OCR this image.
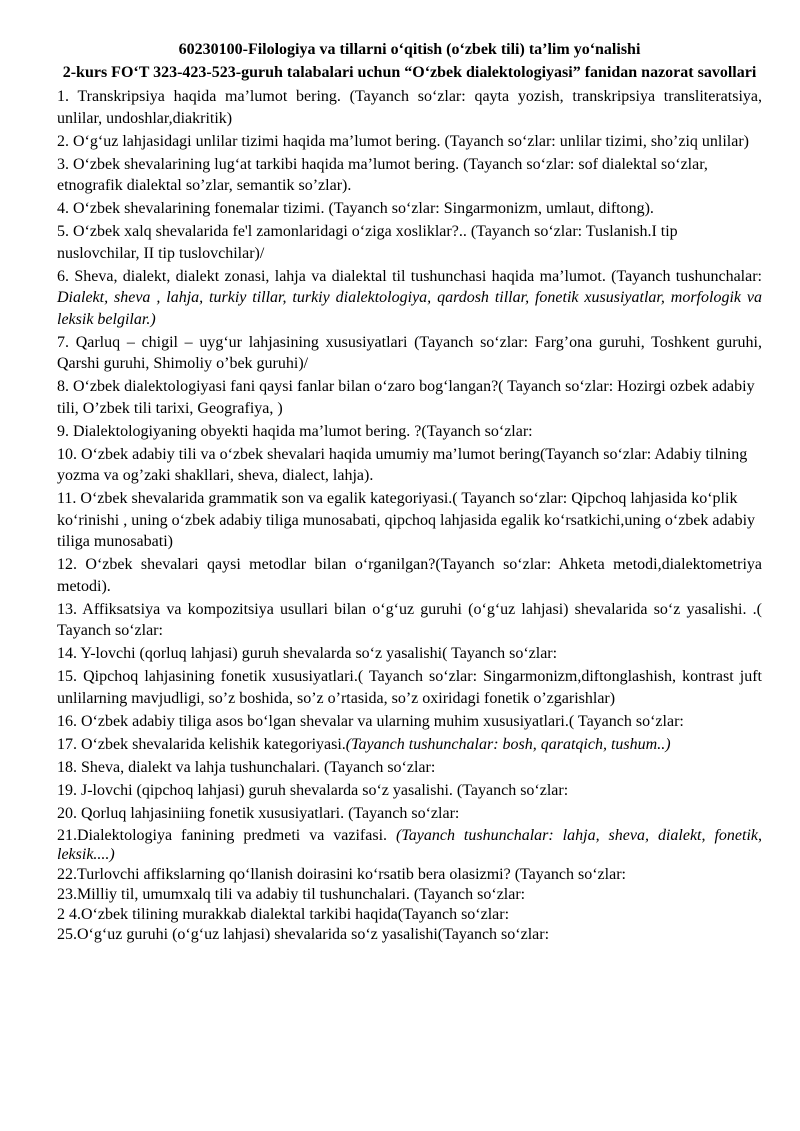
60230100-Filologiya va tillarni o‘qitish (o‘zbek tili) ta’lim yo‘nalishi
2-kurs FO‘T 323-423-523-guruh talabalari uchun “O‘zbek dialektologiyasi” fanidan nazorat savollari

1. Transkripsiya haqida ma’lumot bering. (Tayanch so‘zlar: qayta yozish, transkripsiya transliteratsiya, unlilar, undoshlar,diakritik)

2. O‘g‘uz lahjasidagi unlilar tizimi haqida ma’lumot bering. (Tayanch so‘zlar: unlilar tizimi, sho’ziq unlilar)

3. O‘zbek shevalarining lug‘at tarkibi haqida ma’lumot bering. (Tayanch so‘zlar: sof dialektal so‘zlar, etnografik dialektal so’zlar, semantik so’zlar).

4. O‘zbek shevalarining fonemalar tizimi. (Tayanch so‘zlar: Singarmonizm, umlaut, diftong).

5. O‘zbek xalq shevalarida fe'l zamonlaridagi o‘ziga xosliklar?.. (Tayanch so‘zlar: Tuslanish.I tip nuslovchilar, II tip tuslovchilar)/

6. Sheva, dialekt, dialekt zonasi, lahja va dialektal til tushunchasi haqida ma’lumot. (Tayanch tushunchalar: Dialekt, sheva , lahja, turkiy tillar, turkiy dialektologiya, qardosh tillar, fonetik xususiyatlar, morfologik va leksik belgilar.)

7. Qarluq – chigil – uyg‘ur lahjasining xususiyatlari (Tayanch so‘zlar: Farg’ona guruhi, Toshkent guruhi, Qarshi guruhi, Shimoliy o’bek guruhi)/

8. O‘zbek dialektologiyasi fani qaysi fanlar bilan o‘zaro bog‘langan?( Tayanch so‘zlar: Hozirgi ozbek adabiy tili, O’zbek tili tarixi, Geografiya, )

9. Dialektologiyaning obyekti haqida ma’lumot bering. ?(Tayanch so‘zlar:

10. O‘zbek adabiy tili va o‘zbek shevalari haqida umumiy ma’lumot bering(Tayanch so‘zlar: Adabiy tilning yozma va og’zaki shakllari, sheva, dialect, lahja).

11. O‘zbek shevalarida grammatik son va egalik kategoriyasi.( Tayanch so‘zlar: Qipchoq lahjasida ko‘plik ko‘rinishi , uning o‘zbek adabiy tiliga munosabati, qipchoq lahjasida egalik ko‘rsatkichi,uning o‘zbek adabiy tiliga munosabati)

12. O‘zbek shevalari qaysi metodlar bilan o‘rganilgan?(Tayanch so‘zlar: Ahketa metodi,dialektometriya metodi).

13. Affiksatsiya va kompozitsiya usullari bilan o‘g‘uz guruhi (o‘g‘uz lahjasi) shevalarida so‘z yasalishi. .( Tayanch so‘zlar:

14. Y-lovchi (qorluq lahjasi) guruh shevalarda so‘z yasalishi( Tayanch so‘zlar:

15. Qipchoq lahjasining fonetik xususiyatlari.( Tayanch so‘zlar: Singarmonizm,diftonglashish, kontrast juft unlilarning mavjudligi, so’z boshida, so’z o’rtasida, so’z oxiridagi fonetik o’zgarishlar)

16. O‘zbek adabiy tiliga asos bo‘lgan shevalar va ularning muhim xususiyatlari.( Tayanch so‘zlar:

17. O‘zbek shevalarida kelishik kategoriyasi.(Tayanch tushunchalar: bosh, qaratqich, tushum..)

18. Sheva, dialekt va lahja tushunchalari. (Tayanch so‘zlar:

19. J-lovchi (qipchoq lahjasi) guruh shevalarda so‘z yasalishi. (Tayanch so‘zlar:

20. Qorluq lahjasiniing fonetik xususiyatlari. (Tayanch so‘zlar:

21.Dialektologiya fanining predmeti va vazifasi. (Tayanch tushunchalar: lahja, sheva, dialekt, fonetik, leksik....)

22.Turlovchi affikslarning qo‘llanish doirasini ko‘rsatib bera olasizmi? (Tayanch so‘zlar:

23.Milliy til, umumxalq tili va adabiy til tushunchalari. (Tayanch so‘zlar:

2 4.O‘zbek tilining murakkab dialektal tarkibi haqida(Tayanch so‘zlar:

25.O‘g‘uz guruhi (o‘g‘uz lahjasi) shevalarida so‘z yasalishi(Tayanch so‘zlar:
